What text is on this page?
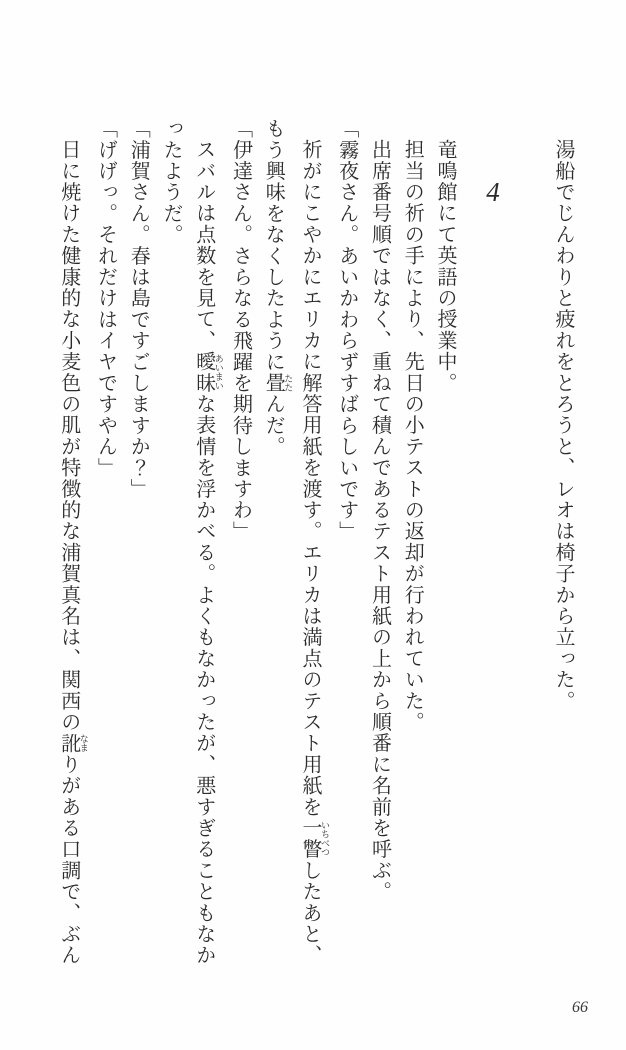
湯船でじんわりと疲れをとろうと、レオは椅子から立った。

4

竜鳴館にて英語の授業中。

担当の祈の手により、先日の小テストの返却が行われていた。

出席番号順ではなく、重ねて積んであるテスト用紙の上から順番に名前を呼ぶ。

「霧夜さん。あいかわらずすばらしいです」

祈がにこやかにエリカに解答用紙を渡す。エリカは満点のテスト用紙を一瞥 いちべつしたあと、

もう興味をなくしたように畳 たたんだ。

「伊達さん。さらなる飛躍を期待しますわ」

スバルは点数を見て、曖昧 あいまいな表情を浮かべる。よくもなかったが、悪すぎることもなか

ったようだ。

「浦賀さん。春は島ですごしますか？」

「げげっ。それだけはイヤですやん」

日に焼けた健康的な小麦色の肌が特徴的な浦賀真名は、関西の訛 なまりがある口調で、ぶん

66
